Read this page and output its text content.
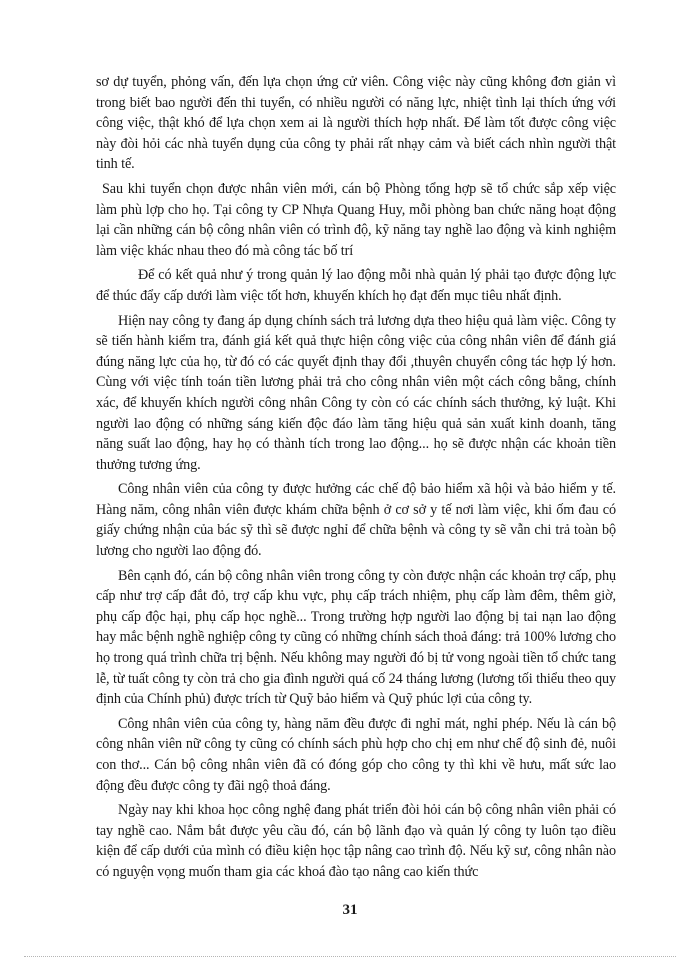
sơ dự tuyển, phỏng vấn, đến lựa chọn ứng cử viên. Công việc này cũng không đơn giản vì trong biết bao người đến thi tuyển, có nhiều người có năng lực, nhiệt tình lại thích ứng với công việc, thật khó để lựa chọn xem ai là người thích hợp nhất. Để làm tốt được công việc này đòi hỏi các nhà tuyển dụng của công ty phải rất nhạy cảm và biết cách nhìn người thật tinh tế.

Sau khi tuyển chọn được nhân viên mới, cán bộ Phòng tổng hợp sẽ tổ chức sắp xếp việc làm phù lợp cho họ. Tại công ty CP Nhựa Quang Huy, mỗi phòng ban chức năng hoạt động lại cần những cán bộ công nhân viên có trình độ, kỹ năng tay nghề lao động và kinh nghiệm làm việc khác nhau theo đó mà công tác bố trí

Để có kết quả như ý trong quản lý lao động mỗi nhà quản lý phải tạo được động lực để thúc đẩy cấp dưới làm việc tốt hơn, khuyến khích họ đạt đến mục tiêu nhất định.

Hiện nay công ty đang áp dụng chính sách trả lương dựa theo hiệu quả làm việc. Công ty sẽ tiến hành kiểm tra, đánh giá kết quả thực hiện công việc của công nhân viên để đánh giá đúng năng lực của họ, từ đó có các quyết định thay đổi ,thuyên chuyển công tác hợp lý hơn. Cùng với việc tính toán tiền lương phải trả cho công nhân viên một cách công bằng, chính xác, để khuyến khích người công nhân Công ty còn có các chính sách thưởng, kỷ luật. Khi người lao động có những sáng kiến độc đáo làm tăng hiệu quả sản xuất kinh doanh, tăng năng suất lao động, hay họ có thành tích trong lao động... họ sẽ được nhận các khoản tiền thưởng tương ứng.

Công nhân viên của công ty được hưởng các chế độ bảo hiểm xã hội và bảo hiểm y tế. Hàng năm, công nhân viên được khám chữa bệnh ở cơ sở y tế nơi làm việc, khi ốm đau có giấy chứng nhận của bác sỹ thì sẽ được nghỉ để chữa bệnh và công ty sẽ vẫn chi trả toàn bộ lương cho người lao động đó.

Bên cạnh đó, cán bộ công nhân viên trong công ty còn được nhận các khoản trợ cấp, phụ cấp như trợ cấp đắt đỏ, trợ cấp khu vực, phụ cấp trách nhiệm, phụ cấp làm đêm, thêm giờ, phụ cấp độc hại, phụ cấp học nghề... Trong trường hợp người lao động bị tai nạn lao động hay mắc bệnh nghề nghiệp công ty cũng có những chính sách thoả đáng: trả 100% lương cho họ trong quá trình chữa trị bệnh. Nếu không may người đó bị tử vong ngoài tiền tổ chức tang lễ, từ tuất công ty còn trả cho gia đình người quá cố 24 tháng lương (lương tối thiểu theo quy định của Chính phủ) được trích từ Quỹ bảo hiểm và Quỹ phúc lợi của công ty.

Công nhân viên của công ty, hàng năm đều được đi nghỉ mát, nghỉ phép. Nếu là cán bộ công nhân viên nữ công ty cũng có chính sách phù hợp cho chị em như chế độ sinh đẻ, nuôi con thơ... Cán bộ công nhân viên đã có đóng góp cho công ty thì khi về hưu, mất sức lao động đều được công ty đãi ngộ thoả đáng.

Ngày nay khi khoa học công nghệ đang phát triển đòi hỏi cán bộ công nhân viên phải có tay nghề cao. Nắm bắt được yêu cầu đó, cán bộ lãnh đạo và quản lý công ty luôn tạo điều kiện để cấp dưới của mình có điều kiện học tập nâng cao trình độ. Nếu kỹ sư, công nhân nào có nguyện vọng muốn tham gia các khoá đào tạo nâng cao kiến thức

31
